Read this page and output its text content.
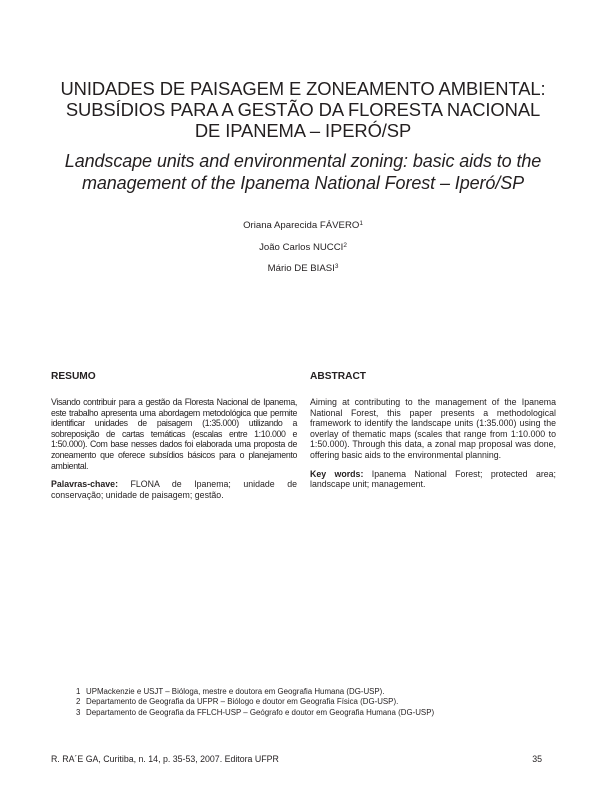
UNIDADES DE PAISAGEM E ZONEAMENTO AMBIENTAL:
SUBSÍDIOS PARA A GESTÃO DA FLORESTA NACIONAL
DE IPANEMA – IPERÓ/SP
Landscape units and environmental zoning: basic aids to the
management of the Ipanema National Forest – Iperó/SP
Oriana Aparecida FÁVERO$^1$
João Carlos NUCCI$^2$
Mário DE BIASI$^3$
RESUMO

Visando contribuir para a gestão da Floresta Nacional de Ipanema, este trabalho apresenta uma abordagem metodológica que permite identificar unidades de paisagem (1:35.000) utilizando a sobreposição de cartas temáticas (escalas entre 1:10.000 e 1:50.000). Com base nesses dados foi elaborada uma proposta de zoneamento que oferece subsídios básicos para o planejamento ambiental.

Palavras-chave: FLONA de Ipanema; unidade de conservação; unidade de paisagem; gestão.

ABSTRACT

Aiming at contributing to the management of the Ipanema National Forest, this paper presents a methodological framework to identify the landscape units (1:35.000) using the overlay of thematic maps (scales that range from 1:10.000 to 1:50.000). Through this data, a zonal map proposal was done, offering basic aids to the environmental planning.

Key words: Ipanema National Forest; protected area; landscape unit; management.

1 UPMackenzie e USJT – Bióloga, mestre e doutora em Geografia Humana (DG-USP).
2 Departamento de Geografia da UFPR – Biólogo e doutor em Geografia Física (DG-USP).
3 Departamento de Geografia da FFLCH-USP – Geógrafo e doutor em Geografia Humana (DG-USP)
R. RA´E GA, Curitiba, n. 14, p. 35-53, 2007. Editora UFPR	35
